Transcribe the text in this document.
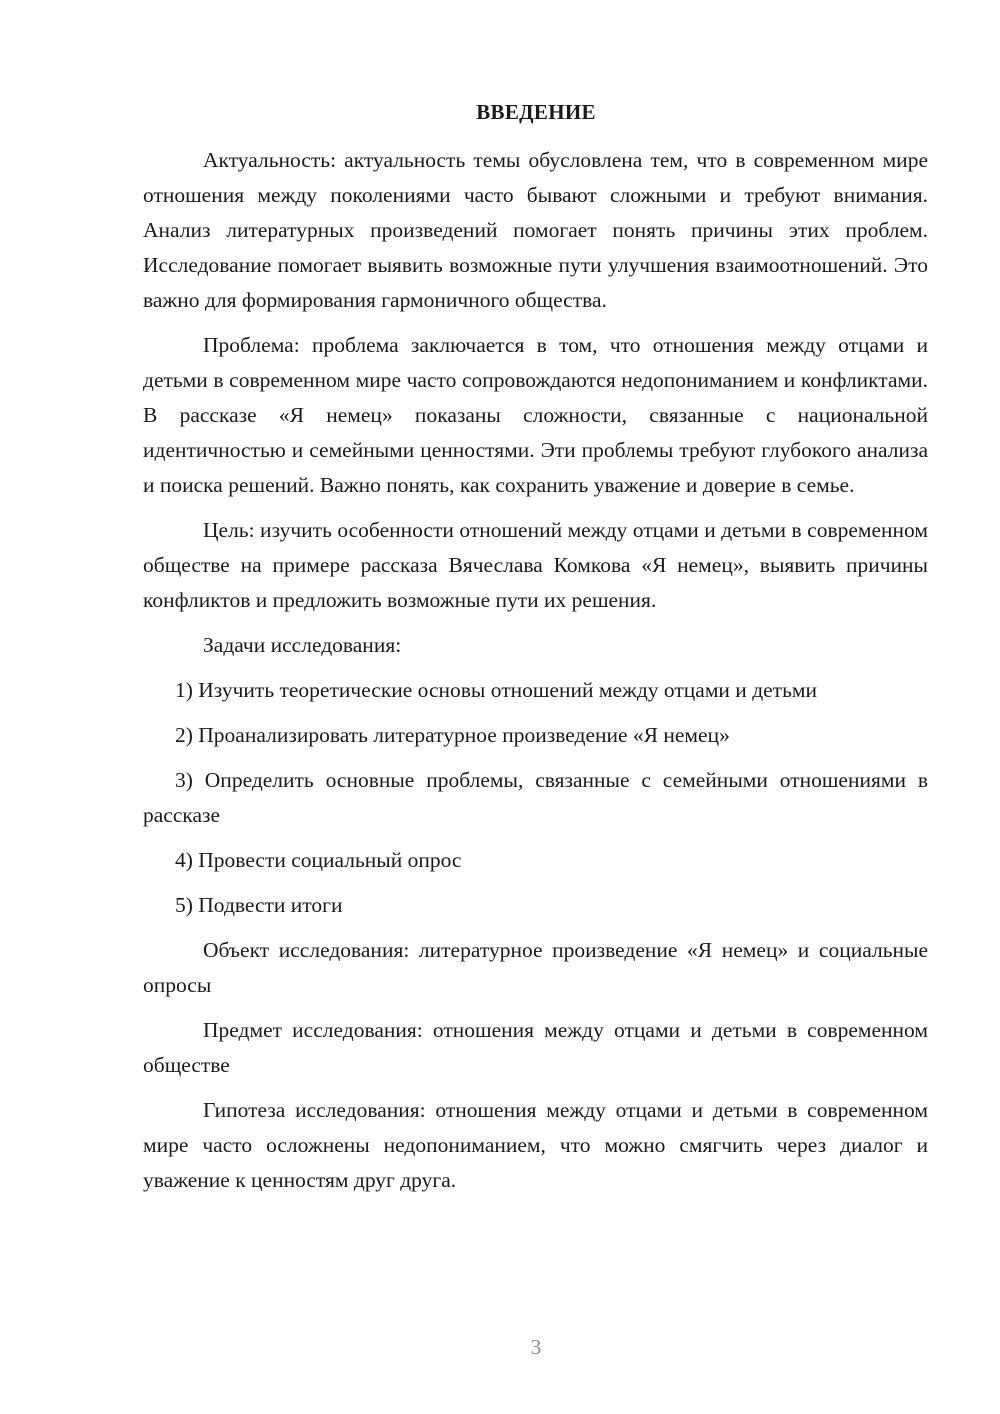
ВВЕДЕНИЕ

Актуальность: актуальность темы обусловлена тем, что в современном мире отношения между поколениями часто бывают сложными и требуют внимания. Анализ литературных произведений помогает понять причины этих проблем. Исследование помогает выявить возможные пути улучшения взаимоотношений. Это важно для формирования гармоничного общества.

Проблема: проблема заключается в том, что отношения между отцами и детьми в современном мире часто сопровождаются недопониманием и конфликтами. В рассказе «Я немец» показаны сложности, связанные с национальной идентичностью и семейными ценностями. Эти проблемы требуют глубокого анализа и поиска решений. Важно понять, как сохранить уважение и доверие в семье.

Цель: изучить особенности отношений между отцами и детьми в современном обществе на примере рассказа Вячеслава Комкова «Я немец», выявить причины конфликтов и предложить возможные пути их решения.

Задачи исследования:

1) Изучить теоретические основы отношений между отцами и детьми

2) Проанализировать литературное произведение «Я немец»

3) Определить основные проблемы, связанные с семейными отношениями в рассказе

4) Провести социальный опрос

5) Подвести итоги

Объект исследования: литературное произведение «Я немец» и социальные опросы

Предмет исследования: отношения между отцами и детьми в современном обществе

Гипотеза исследования: отношения между отцами и детьми в современном мире часто осложнены недопониманием, что можно смягчить через диалог и уважение к ценностям друг друга.

3
